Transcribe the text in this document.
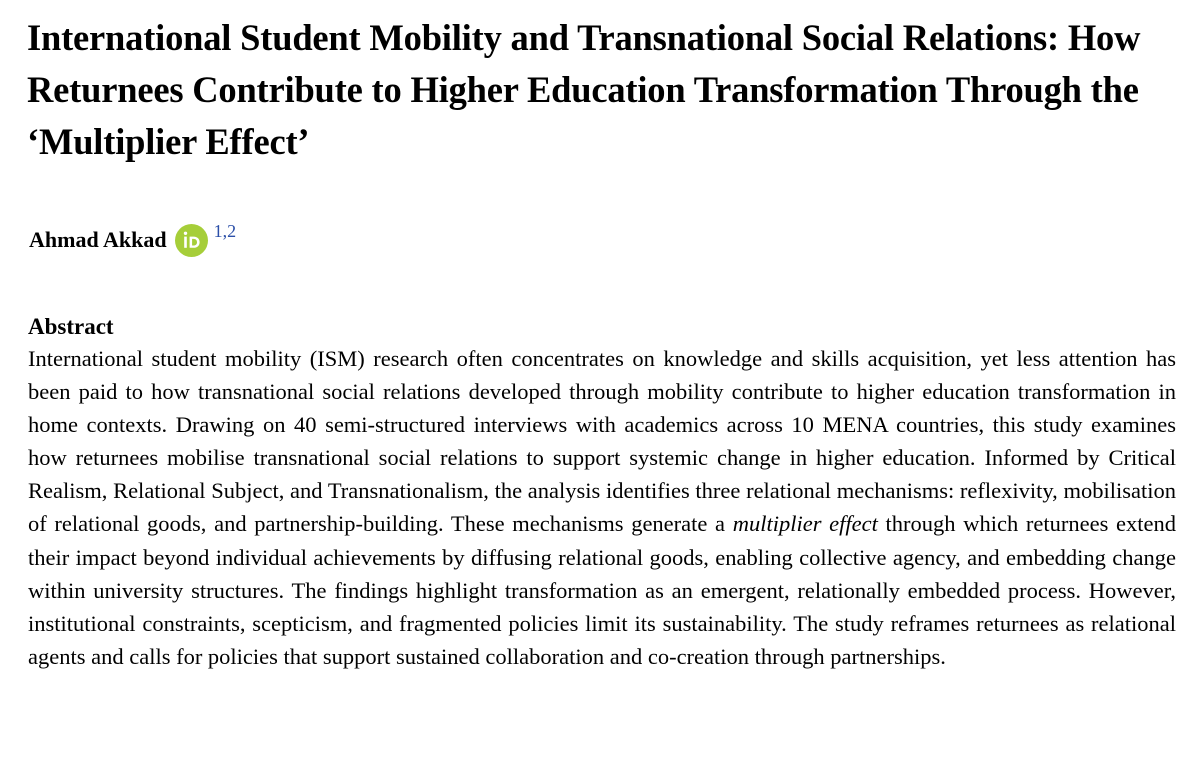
International Student Mobility and Transnational Social Relations: How Returnees Contribute to Higher Education Transformation Through the ‘Multiplier Effect’
Ahmad Akkad	1,2
Abstract

International student mobility (ISM) research often concentrates on knowledge and skills acquisition, yet less attention has been paid to how transnational social relations developed through mobility contribute to higher education transformation in home contexts. Drawing on 40 semi-structured interviews with academics across 10 MENA countries, this study examines how returnees mobilise transnational social relations to support systemic change in higher education. Informed by Critical Realism, Relational Subject, and Transnationalism, the analysis identifies three relational mechanisms: reflexivity, mobilisation of relational goods, and partnership-building. These mechanisms generate a multiplier effect through which returnees extend their impact beyond individual achievements by diffusing relational goods, enabling collective agency, and embedding change within university structures. The findings highlight transformation as an emergent, relationally embedded process. However, institutional constraints, scepticism, and fragmented policies limit its sustainability. The study reframes returnees as relational agents and calls for policies that support sustained collaboration and co-creation through partnerships.
